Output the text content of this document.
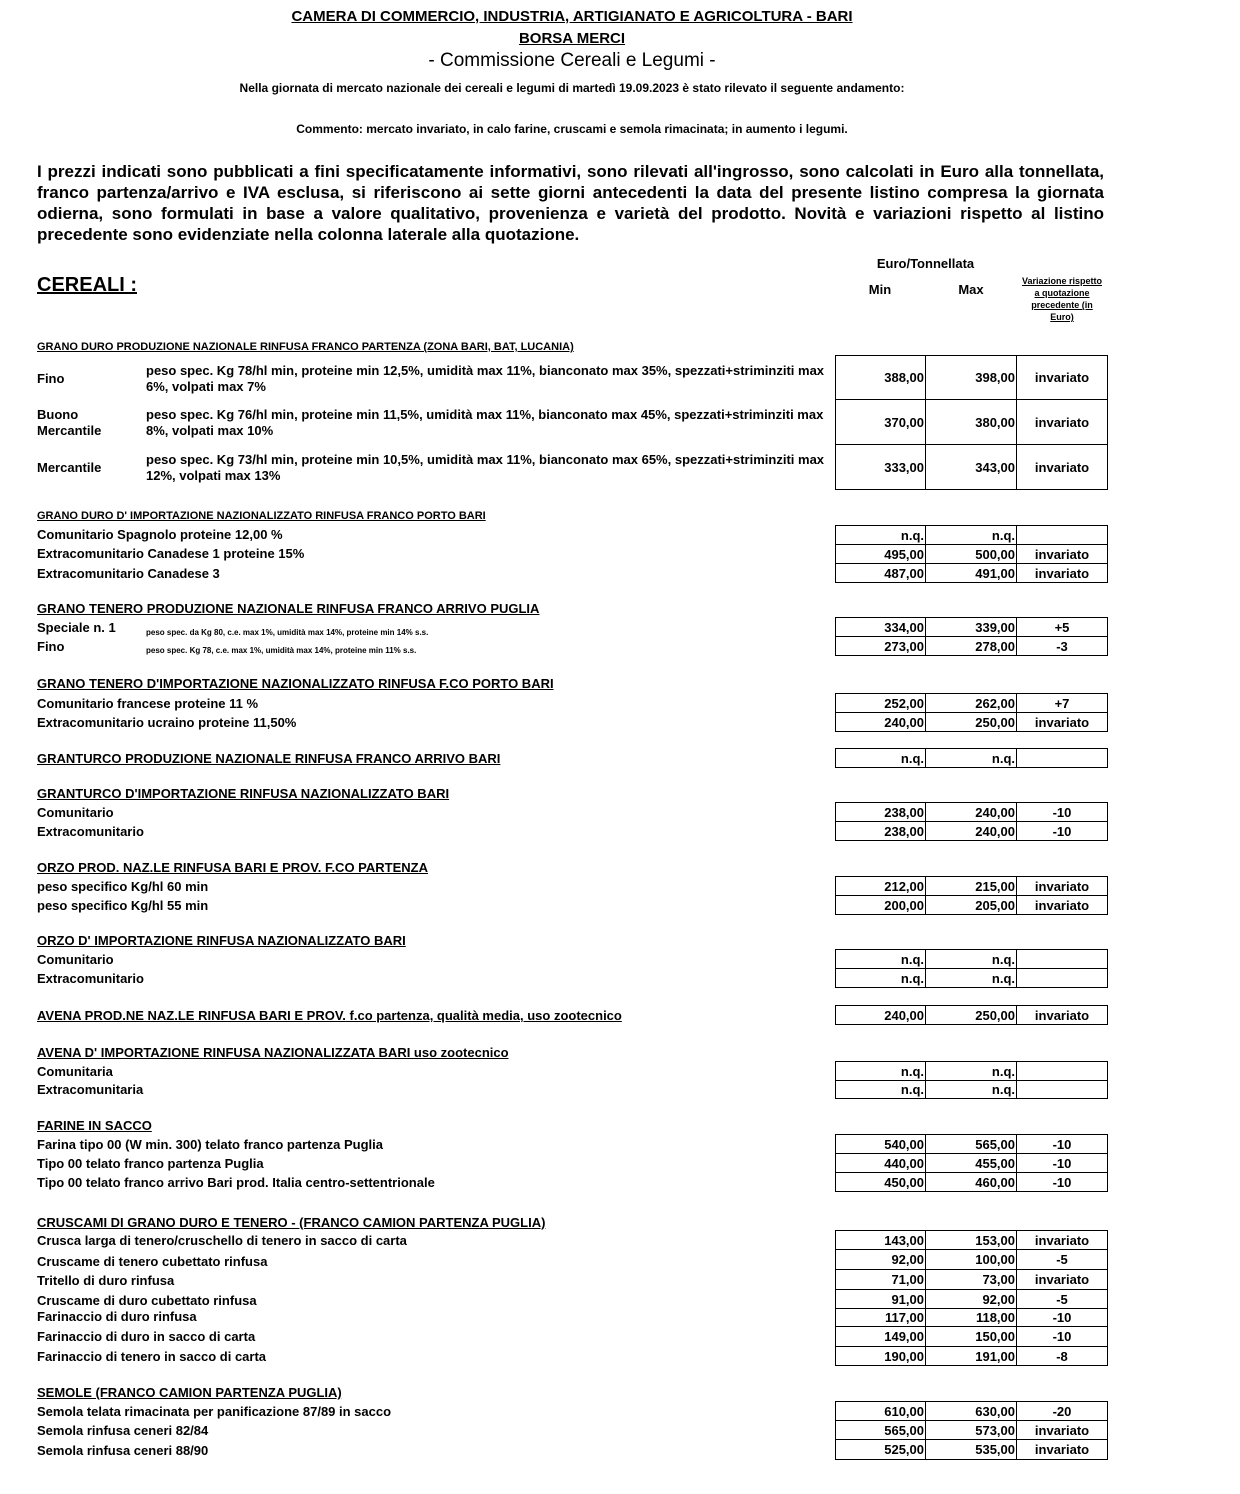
CAMERA DI COMMERCIO, INDUSTRIA, ARTIGIANATO E AGRICOLTURA - BARI
BORSA MERCI
- Commissione Cereali e Legumi -
Nella giornata di mercato nazionale dei cereali e legumi di martedì 19.09.2023 è stato rilevato il seguente andamento:
Commento: mercato invariato, in calo farine, cruscami e semola rimacinata; in aumento i legumi.
I prezzi indicati sono pubblicati a fini specificatamente informativi, sono rilevati all'ingrosso, sono calcolati in Euro alla tonnellata, franco partenza/arrivo e IVA esclusa, si riferiscono ai sette giorni antecedenti la data del presente listino compresa la giornata odierna, sono formulati in base a valore qualitativo, provenienza e varietà del prodotto. Novità e variazioni rispetto al listino precedente sono evidenziate nella colonna laterale alla quotazione.
CEREALI :
Euro/Tonnellata
Min	Max
Variazione rispetto a quotazione precedente (in Euro)
GRANO DURO PRODUZIONE NAZIONALE RINFUSA FRANCO PARTENZA (ZONA BARI, BAT, LUCANIA)
Fino
peso spec. Kg 78/hl min, proteine min 12,5%, umidità max 11%, bianconato max 35%, spezzati+striminziti max 6%, volpati max 7%
388,00	398,00	invariato
Buono Mercantile
peso spec. Kg 76/hl min, proteine min 11,5%, umidità max 11%, bianconato max 45%, spezzati+striminziti max 8%, volpati max 10%
370,00	380,00	invariato
Mercantile
peso spec. Kg 73/hl min, proteine min 10,5%, umidità max 11%, bianconato max 65%, spezzati+striminziti max 12%, volpati max 13%
333,00	343,00	invariato
GRANO DURO D' IMPORTAZIONE NAZIONALIZZATO RINFUSA FRANCO PORTO BARI
Comunitario Spagnolo proteine 12,00 %	n.q.	n.q.
Extracomunitario Canadese 1 proteine 15%	495,00	500,00	invariato
Extracomunitario Canadese 3	487,00	491,00	invariato
GRANO TENERO PRODUZIONE NAZIONALE RINFUSA FRANCO ARRIVO PUGLIA
Speciale n. 1	peso spec. da Kg 80, c.e. max 1%, umidità max 14%, proteine min 14% s.s.	334,00	339,00	+5
Fino	peso spec. Kg 78, c.e. max 1%, umidità max 14%, proteine min 11% s.s.	273,00	278,00	-3
GRANO TENERO D'IMPORTAZIONE NAZIONALIZZATO RINFUSA F.CO PORTO BARI
Comunitario francese proteine 11 %	252,00	262,00	+7
Extracomunitario ucraino proteine 11,50%	240,00	250,00	invariato
GRANTURCO PRODUZIONE NAZIONALE RINFUSA FRANCO ARRIVO BARI	n.q.	n.q.
GRANTURCO D'IMPORTAZIONE RINFUSA NAZIONALIZZATO BARI
Comunitario	238,00	240,00	-10
Extracomunitario	238,00	240,00	-10
ORZO PROD. NAZ.LE RINFUSA BARI E PROV. F.CO PARTENZA
peso specifico Kg/hl 60 min	212,00	215,00	invariato
peso specifico Kg/hl 55 min	200,00	205,00	invariato
ORZO D' IMPORTAZIONE RINFUSA NAZIONALIZZATO BARI
Comunitario	n.q.	n.q.
Extracomunitario	n.q.	n.q.
AVENA PROD.NE NAZ.LE RINFUSA BARI E PROV. f.co partenza, qualità media, uso zootecnico	240,00	250,00	invariato
AVENA D' IMPORTAZIONE RINFUSA NAZIONALIZZATA BARI uso zootecnico
Comunitaria	n.q.	n.q.
Extracomunitaria	n.q.	n.q.
FARINE IN SACCO
Farina tipo 00 (W min. 300) telato franco partenza Puglia	540,00	565,00	-10
Tipo 00 telato franco partenza Puglia	440,00	455,00	-10
Tipo 00 telato franco arrivo Bari prod. Italia centro-settentrionale	450,00	460,00	-10
CRUSCAMI DI GRANO DURO E TENERO - (FRANCO CAMION PARTENZA PUGLIA)
Crusca larga di tenero/cruschello di tenero in sacco di carta	143,00	153,00	invariato
Cruscame di tenero cubettato rinfusa	92,00	100,00	-5
Tritello di duro rinfusa	71,00	73,00	invariato
Cruscame di duro cubettato rinfusa	91,00	92,00	-5
Farinaccio di duro rinfusa	117,00	118,00	-10
Farinaccio di duro in sacco di carta	149,00	150,00	-10
Farinaccio di tenero in sacco di carta	190,00	191,00	-8
SEMOLE (FRANCO CAMION PARTENZA PUGLIA)
Semola telata rimacinata per panificazione 87/89 in sacco	610,00	630,00	-20
Semola rinfusa ceneri 82/84	565,00	573,00	invariato
Semola rinfusa ceneri 88/90	525,00	535,00	invariato
